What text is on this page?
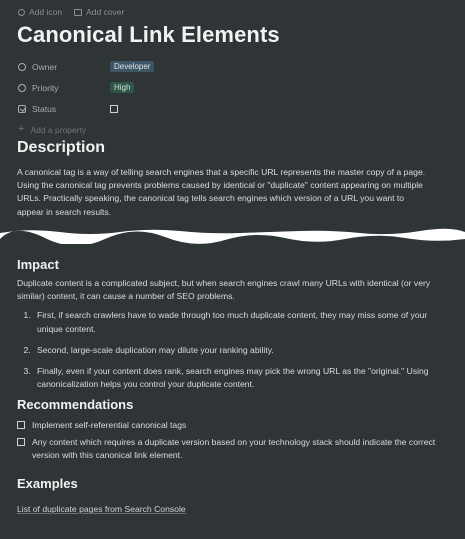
Add icon	Add cover
Canonical Link Elements
Owner	Developer
Priority	High
Status
+ Add a property
Description
A canonical tag is a way of telling search engines that a specific URL represents the master copy of a page. Using the canonical tag prevents problems caused by identical or "duplicate" content appearing on multiple URLs. Practically speaking, the canonical tag tells search engines which version of a URL you want to appear in search results.
Impact
Duplicate content is a complicated subject, but when search engines crawl many URLs with identical (or very similar) content, it can cause a number of SEO problems.
1. First, if search crawlers have to wade through too much duplicate content, they may miss some of your unique content.
2. Second, large-scale duplication may dilute your ranking ability.
3. Finally, even if your content does rank, search engines may pick the wrong URL as the "original." Using canonicalization helps you control your duplicate content.
Recommendations
Implement self-referential canonical tags
Any content which requires a duplicate version based on your technology stack should indicate the correct version with this canonical link element.
Examples
List of duplicate pages from Search Console
